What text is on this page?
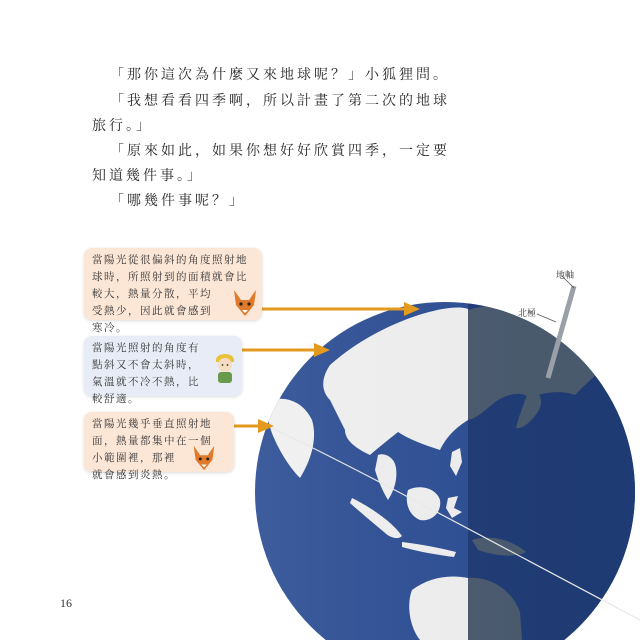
「那你這次為什麼又來地球呢？」小狐狸問。

「我想看看四季啊，所以計畫了第二次的地球

旅行。」

「原來如此，如果你想好好欣賞四季，一定要

知道幾件事。」

「哪幾件事呢？」

地軸
北極

當陽光從很偏斜的角度照射地

球時，所照射到的面積就會比

較大，熱量分散，平均

受熱少，因此就會感到

寒冷。

當陽光照射的角度有

點斜又不會太斜時，

氣溫就不冷不熱，比

較舒適。

當陽光幾乎垂直照射地

面，熱量都集中在一個

小範圍裡，那裡

就會感到炎熱。

16
